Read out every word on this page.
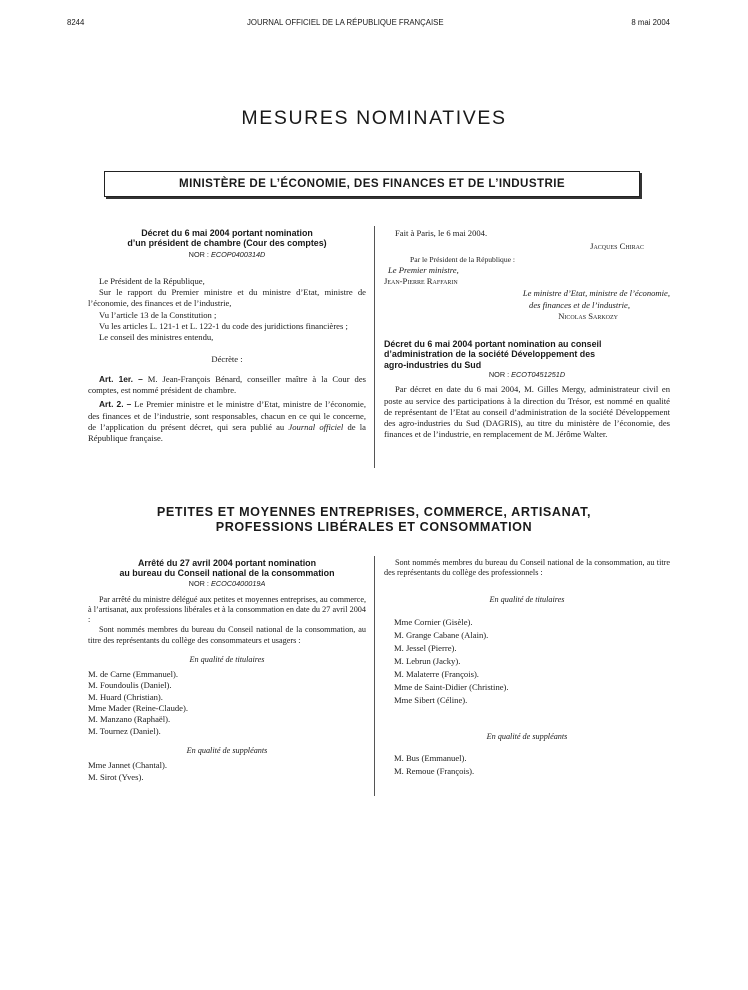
8244	JOURNAL OFFICIEL DE LA RÉPUBLIQUE FRANÇAISE	8 mai 2004
MESURES NOMINATIVES
MINISTÈRE DE L’ÉCONOMIE, DES FINANCES ET DE L’INDUSTRIE
Décret du 6 mai 2004 portant nomination
d’un président de chambre (Cour des comptes)
NOR : ECOP0400314D

Le Président de la République,

Sur le rapport du Premier ministre et du ministre d’Etat, ministre de l’économie, des finances et de l’industrie,

Vu l’article 13 de la Constitution ;

Vu les articles L. 121-1 et L. 122-1 du code des juridictions financières ;

Le conseil des ministres entendu,

Décrète :

Art. 1er. – M. Jean-François Bénard, conseiller maître à la Cour des comptes, est nommé président de chambre.

Art. 2. – Le Premier ministre et le ministre d’Etat, ministre de l’économie, des finances et de l’industrie, sont responsables, chacun en ce qui le concerne, de l’application du présent décret, qui sera publié au Journal officiel de la République française.

Fait à Paris, le 6 mai 2004.

Jacques Chirac

Par le Président de la République :

Le Premier ministre,

Jean-Pierre Raffarin

Le ministre d’Etat, ministre de l’économie,

des finances et de l’industrie,

Nicolas Sarkozy

Décret du 6 mai 2004 portant nomination au conseil
d’administration de la société Développement des
agro-industries du Sud
NOR : ECOT0451251D

Par décret en date du 6 mai 2004, M. Gilles Mergy, administrateur civil en poste au service des participations à la direction du Trésor, est nommé en qualité de représentant de l’Etat au conseil d’administration de la société Développement des agro-industries du Sud (DAGRIS), au titre du ministère de l’économie, des finances et de l’industrie, en remplacement de M. Jérôme Walter.

PETITES ET MOYENNES ENTREPRISES, COMMERCE, ARTISANAT,
PROFESSIONS LIBÉRALES ET CONSOMMATION
Arrêté du 27 avril 2004 portant nomination
au bureau du Conseil national de la consommation
NOR : ECOC0400019A

Par arrêté du ministre délégué aux petites et moyennes entreprises, au commerce, à l’artisanat, aux professions libérales et à la consommation en date du 27 avril 2004 :

Sont nommés membres du bureau du Conseil national de la consommation, au titre des représentants du collège des consommateurs et usagers :

En qualité de titulaires

M. de Carne (Emmanuel).
M. Foundoulis (Daniel).
M. Huard (Christian).
Mme Mader (Reine-Claude).
M. Manzano (Raphaël).
M. Tournez (Daniel).

En qualité de suppléants

Mme Jannet (Chantal).
M. Sirot (Yves).

Sont nommés membres du bureau du Conseil national de la consommation, au titre des représentants du collège des professionnels :

En qualité de titulaires

Mme Cornier (Gisèle).
M. Grange Cabane (Alain).
M. Jessel (Pierre).
M. Lebrun (Jacky).
M. Malaterre (François).
Mme de Saint-Didier (Christine).
Mme Sibert (Céline).

En qualité de suppléants

M. Bus (Emmanuel).
M. Remoue (François).
